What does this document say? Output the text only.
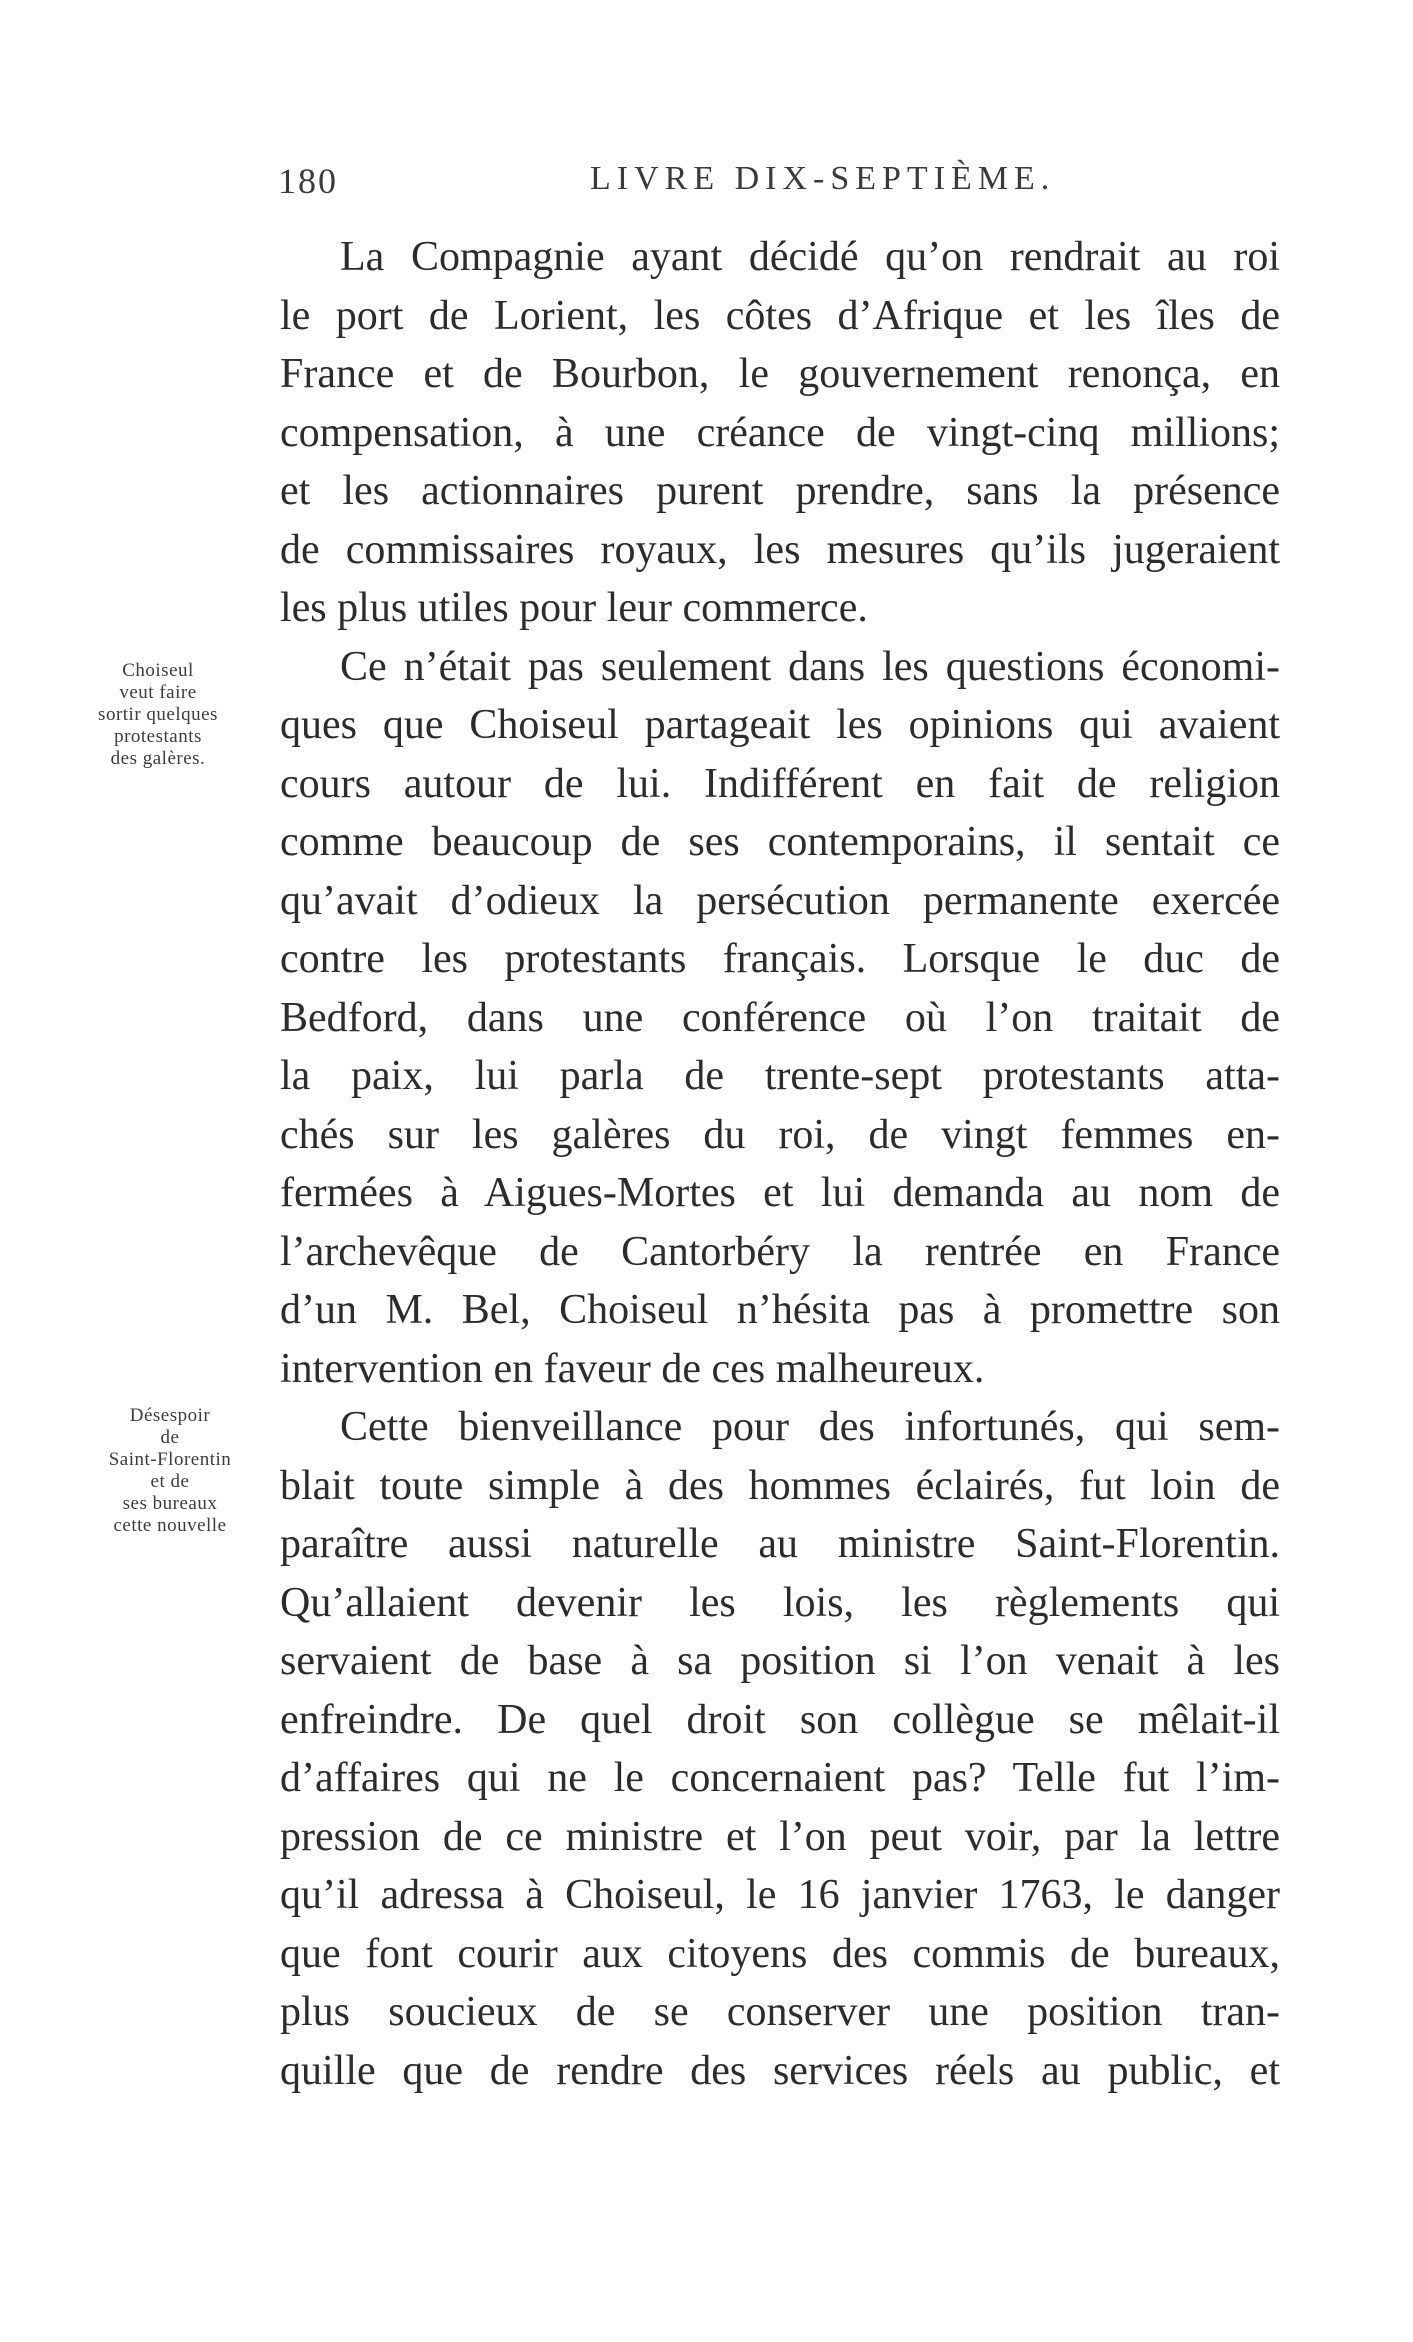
180	LIVRE DIX-SEPTIÈME.
Choiseul
veut faire
sortir quelques
protestants
des galères.
Désespoir
de
Saint-Florentin
et de
ses bureaux
cette nouvelle
La Compagnie ayant décidé qu’on rendrait au roi
le port de Lorient, les côtes d’Afrique et les îles de
France et de Bourbon, le gouvernement renonça, en
compensation, à une créance de vingt-cinq millions;
et les actionnaires purent prendre, sans la présence
de commissaires royaux, les mesures qu’ils jugeraient
les plus utiles pour leur commerce.
Ce n’était pas seulement dans les questions économi-
ques que Choiseul partageait les opinions qui avaient
cours autour de lui. Indifférent en fait de religion
comme beaucoup de ses contemporains, il sentait ce
qu’avait d’odieux la persécution permanente exercée
contre les protestants français. Lorsque le duc de
Bedford, dans une conférence où l’on traitait de
la paix, lui parla de trente-sept protestants atta-
chés sur les galères du roi, de vingt femmes en-
fermées à Aigues-Mortes et lui demanda au nom de
l’archevêque de Cantorbéry la rentrée en France
d’un M. Bel, Choiseul n’hésita pas à promettre son
intervention en faveur de ces malheureux.
Cette bienveillance pour des infortunés, qui sem-
blait toute simple à des hommes éclairés, fut loin de
paraître aussi naturelle au ministre Saint-Florentin.
Qu’allaient devenir les lois, les règlements qui
servaient de base à sa position si l’on venait à les
enfreindre. De quel droit son collègue se mêlait-il
d’affaires qui ne le concernaient pas? Telle fut l’im-
pression de ce ministre et l’on peut voir, par la lettre
qu’il adressa à Choiseul, le 16 janvier 1763, le danger
que font courir aux citoyens des commis de bureaux,
plus soucieux de se conserver une position tran-
quille que de rendre des services réels au public, et
